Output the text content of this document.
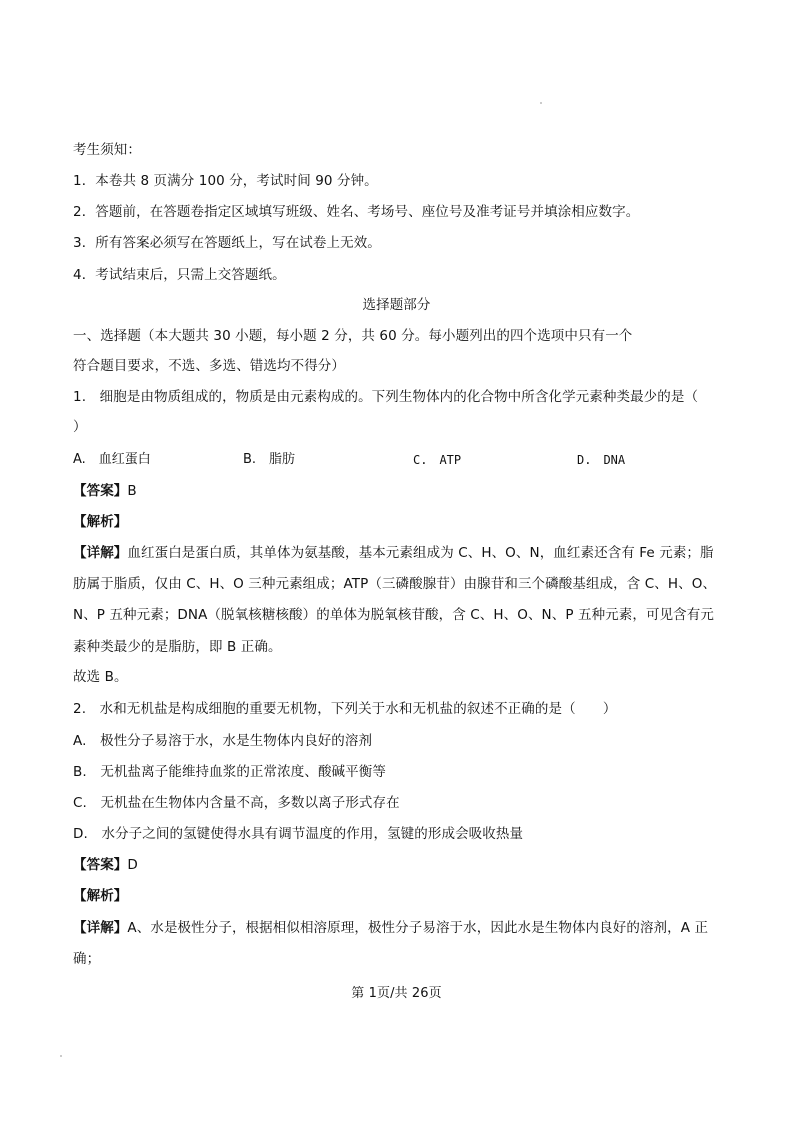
考生须知：
1．本卷共 8 页满分 100 分，考试时间 90 分钟。
2．答题前，在答题卷指定区域填写班级、姓名、考场号、座位号及准考证号并填涂相应数字。
3．所有答案必须写在答题纸上，写在试卷上无效。
4．考试结束后，只需上交答题纸。
选择题部分
一、选择题（本大题共 30 小题，每小题 2 分，共 60 分。每小题列出的四个选项中只有一个
符合题目要求，不选、多选、错选均不得分）
1.　细胞是由物质组成的，物质是由元素构成的。下列生物体内的化合物中所含化学元素种类最少的是（
）
A.　血红蛋白	B.　脂肪	C.　ATP	D.　DNA
【答案】B
【解析】
【详解】血红蛋白是蛋白质，其单体为氨基酸，基本元素组成为 C、H、O、N，血红素还含有 Fe 元素；脂
肪属于脂质，仅由 C、H、O 三种元素组成；ATP（三磷酸腺苷）由腺苷和三个磷酸基组成，含 C、H、O、
N、P 五种元素；DNA（脱氧核糖核酸）的单体为脱氧核苷酸，含 C、H、O、N、P 五种元素，可见含有元
素种类最少的是脂肪，即 B 正确。
故选 B。
2.　水和无机盐是构成细胞的重要无机物，下列关于水和无机盐的叙述不正确的是（　　）
A.　极性分子易溶于水，水是生物体内良好的溶剂
B.　无机盐离子能维持血浆的正常浓度、酸碱平衡等
C.　无机盐在生物体内含量不高，多数以离子形式存在
D.　水分子之间的氢键使得水具有调节温度的作用，氢键的形成会吸收热量
【答案】D
【解析】
【详解】A、水是极性分子，根据相似相溶原理，极性分子易溶于水，因此水是生物体内良好的溶剂，A 正
确；
第 1页/共 26页
